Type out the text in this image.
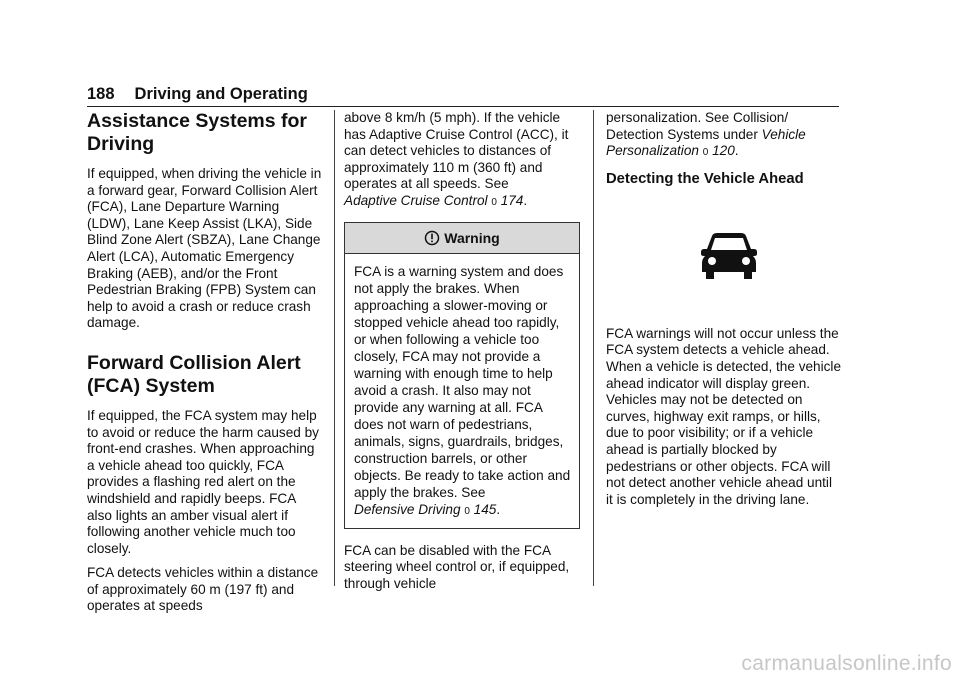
188 Driving and Operating
Assistance Systems for Driving

If equipped, when driving the vehicle in a forward gear, Forward Collision Alert (FCA), Lane Departure Warning (LDW), Lane Keep Assist (LKA), Side Blind Zone Alert (SBZA), Lane Change Alert (LCA), Automatic Emergency Braking (AEB), and/or the Front Pedestrian Braking (FPB) System can help to avoid a crash or reduce crash damage.

Forward Collision Alert (FCA) System

If equipped, the FCA system may help to avoid or reduce the harm caused by front-end crashes. When approaching a vehicle ahead too quickly, FCA provides a flashing red alert on the windshield and rapidly beeps. FCA also lights an amber visual alert if following another vehicle much too closely.

FCA detects vehicles within a distance of approximately 60 m (197 ft) and operates at speeds

above 8 km/h (5 mph). If the vehicle has Adaptive Cruise Control (ACC), it can detect vehicles to distances of approximately 110 m (360 ft) and operates at all speeds. See
Adaptive Cruise Control 0 174.

Warning
FCA is a warning system and does not apply the brakes. When approaching a slower-moving or stopped vehicle ahead too rapidly, or when following a vehicle too closely, FCA may not provide a warning with enough time to help avoid a crash. It also may not provide any warning at all. FCA does not warn of pedestrians, animals, signs, guardrails, bridges, construction barrels, or other objects. Be ready to take action and apply the brakes. See
Defensive Driving 0 145.

FCA can be disabled with the FCA steering wheel control or, if equipped, through vehicle

personalization. See Collision/ Detection Systems under Vehicle Personalization 0 120.

Detecting the Vehicle Ahead

FCA warnings will not occur unless the FCA system detects a vehicle ahead. When a vehicle is detected, the vehicle ahead indicator will display green. Vehicles may not be detected on curves, highway exit ramps, or hills, due to poor visibility; or if a vehicle ahead is partially blocked by pedestrians or other objects. FCA will not detect another vehicle ahead until it is completely in the driving lane.

carmanualsonline.info
